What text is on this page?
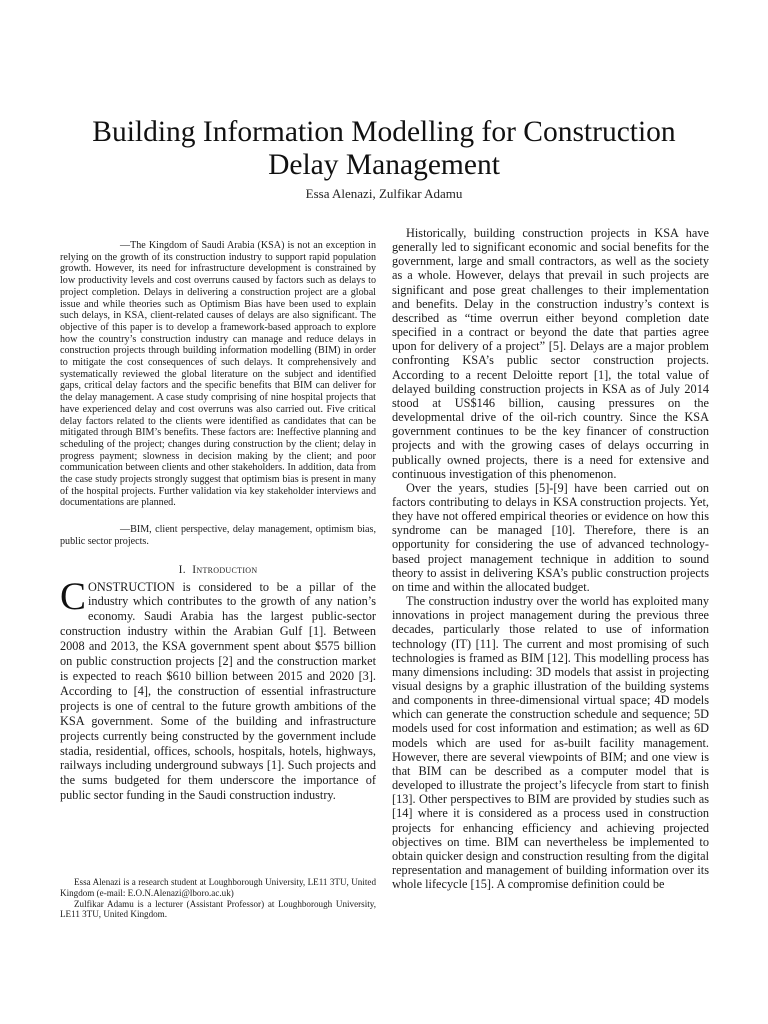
Building Information Modelling for Construction Delay Management
Essa Alenazi, Zulfikar Adamu

—The Kingdom of Saudi Arabia (KSA) is not an exception in relying on the growth of its construction industry to support rapid population growth. However, its need for infrastructure development is constrained by low productivity levels and cost overruns caused by factors such as delays to project completion. Delays in delivering a construction project are a global issue and while theories such as Optimism Bias have been used to explain such delays, in KSA, client-related causes of delays are also significant. The objective of this paper is to develop a framework-based approach to explore how the country’s construction industry can manage and reduce delays in construction projects through building information modelling (BIM) in order to mitigate the cost consequences of such delays. It comprehensively and systematically reviewed the global literature on the subject and identified gaps, critical delay factors and the specific benefits that BIM can deliver for the delay management. A case study comprising of nine hospital projects that have experienced delay and cost overruns was also carried out. Five critical delay factors related to the clients were identified as candidates that can be mitigated through BIM’s benefits. These factors are: Ineffective planning and scheduling of the project; changes during construction by the client; delay in progress payment; slowness in decision making by the client; and poor communication between clients and other stakeholders. In addition, data from the case study projects strongly suggest that optimism bias is present in many of the hospital projects. Further validation via key stakeholder interviews and documentations are planned.

—BIM, client perspective, delay management, optimism bias, public sector projects.

I. Introduction

CONSTRUCTION is considered to be a pillar of the industry which contributes to the growth of any nation’s economy. Saudi Arabia has the largest public-sector construction industry within the Arabian Gulf [1]. Between 2008 and 2013, the KSA government spent about $575 billion on public construction projects [2] and the construction market is expected to reach $610 billion between 2015 and 2020 [3]. According to [4], the construction of essential infrastructure projects is one of central to the future growth ambitions of the KSA government. Some of the building and infrastructure projects currently being constructed by the government include stadia, residential, offices, schools, hospitals, hotels, highways, railways including underground subways [1]. Such projects and the sums budgeted for them underscore the importance of public sector funding in the Saudi construction industry.

Essa Alenazi is a research student at Loughborough University, LE11 3TU, United Kingdom (e-mail: E.O.N.Alenazi@lboro.ac.uk)

Zulfikar Adamu is a lecturer (Assistant Professor) at Loughborough University, LE11 3TU, United Kingdom.

Historically, building construction projects in KSA have generally led to significant economic and social benefits for the government, large and small contractors, as well as the society as a whole. However, delays that prevail in such projects are significant and pose great challenges to their implementation and benefits. Delay in the construction industry’s context is described as “time overrun either beyond completion date specified in a contract or beyond the date that parties agree upon for delivery of a project” [5]. Delays are a major problem confronting KSA’s public sector construction projects. According to a recent Deloitte report [1], the total value of delayed building construction projects in KSA as of July 2014 stood at US$146 billion, causing pressures on the developmental drive of the oil-rich country. Since the KSA government continues to be the key financer of construction projects and with the growing cases of delays occurring in publically owned projects, there is a need for extensive and continuous investigation of this phenomenon.

Over the years, studies [5]-[9] have been carried out on factors contributing to delays in KSA construction projects. Yet, they have not offered empirical theories or evidence on how this syndrome can be managed [10]. Therefore, there is an opportunity for considering the use of advanced technology-based project management technique in addition to sound theory to assist in delivering KSA’s public construction projects on time and within the allocated budget.

The construction industry over the world has exploited many innovations in project management during the previous three decades, particularly those related to use of information technology (IT) [11]. The current and most promising of such technologies is framed as BIM [12]. This modelling process has many dimensions including: 3D models that assist in projecting visual designs by a graphic illustration of the building systems and components in three-dimensional virtual space; 4D models which can generate the construction schedule and sequence; 5D models used for cost information and estimation; as well as 6D models which are used for as-built facility management. However, there are several viewpoints of BIM; and one view is that BIM can be described as a computer model that is developed to illustrate the project’s lifecycle from start to finish [13]. Other perspectives to BIM are provided by studies such as [14] where it is considered as a process used in construction projects for enhancing efficiency and achieving projected objectives on time. BIM can nevertheless be implemented to obtain quicker design and construction resulting from the digital representation and management of building information over its whole lifecycle [15]. A compromise definition could be
